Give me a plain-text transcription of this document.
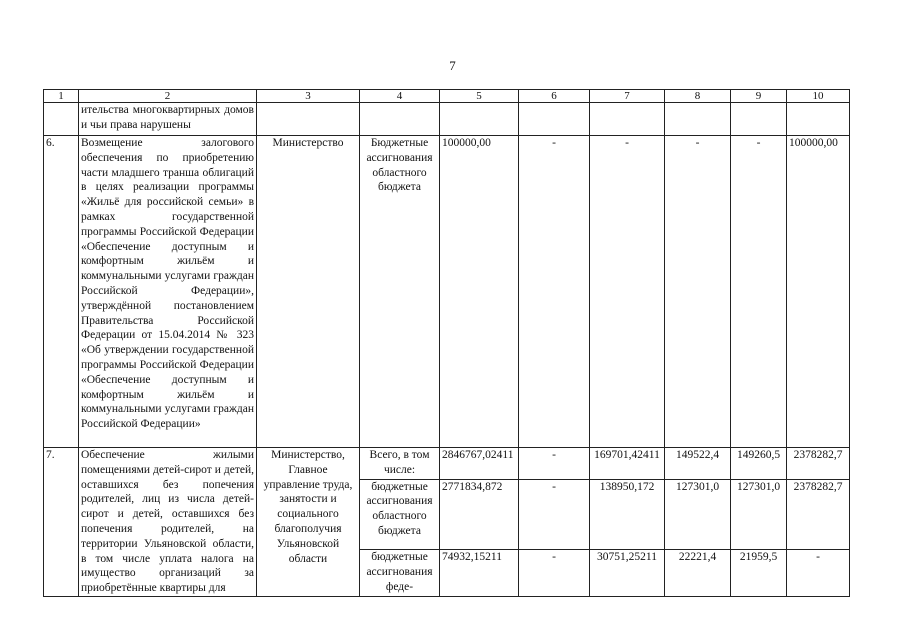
7
1	2	3	4	5	6	7	8	9	10
	ительства многоквартирных домов и чьи права нарушены								
6.	Возмещение залогового обеспечения по приобретению части младшего транша облигаций в целях реализации программы «Жильё для российской семьи» в рамках государственной программы Российской Федерации «Обеспечение доступным и комфортным жильём и коммунальными услугами граждан Российской Федерации», утверждённой постановлением Правительства Российской Федерации от 15.04.2014 № 323 «Об утверждении государственной программы Российской Федерации «Обеспечение доступным и комфортным жильём и коммунальными услугами граждан Российской Федерации»	Министерство	Бюджетные ассигнования областного бюджета	100000,00	-	-	-	-	100000,00
7.	Обеспечение жилыми помещениями детей-сирот и детей, оставшихся без попечения родителей, лиц из числа детей-сирот и детей, оставшихся без попечения родителей, на территории Ульяновской области, в том числе уплата налога на имущество организаций за приобретённые квартиры для	Министерство, Главное управление труда, занятости и социального благополучия Ульяновской области	Всего, в том числе:	2846767,02411	-	169701,42411	149522,4	149260,5	2378282,7
			бюджетные ассигнования областного бюджета	2771834,872	-	138950,172	127301,0	127301,0	2378282,7
			бюджетные ассигнования феде-	74932,15211	-	30751,25211	22221,4	21959,5	-
